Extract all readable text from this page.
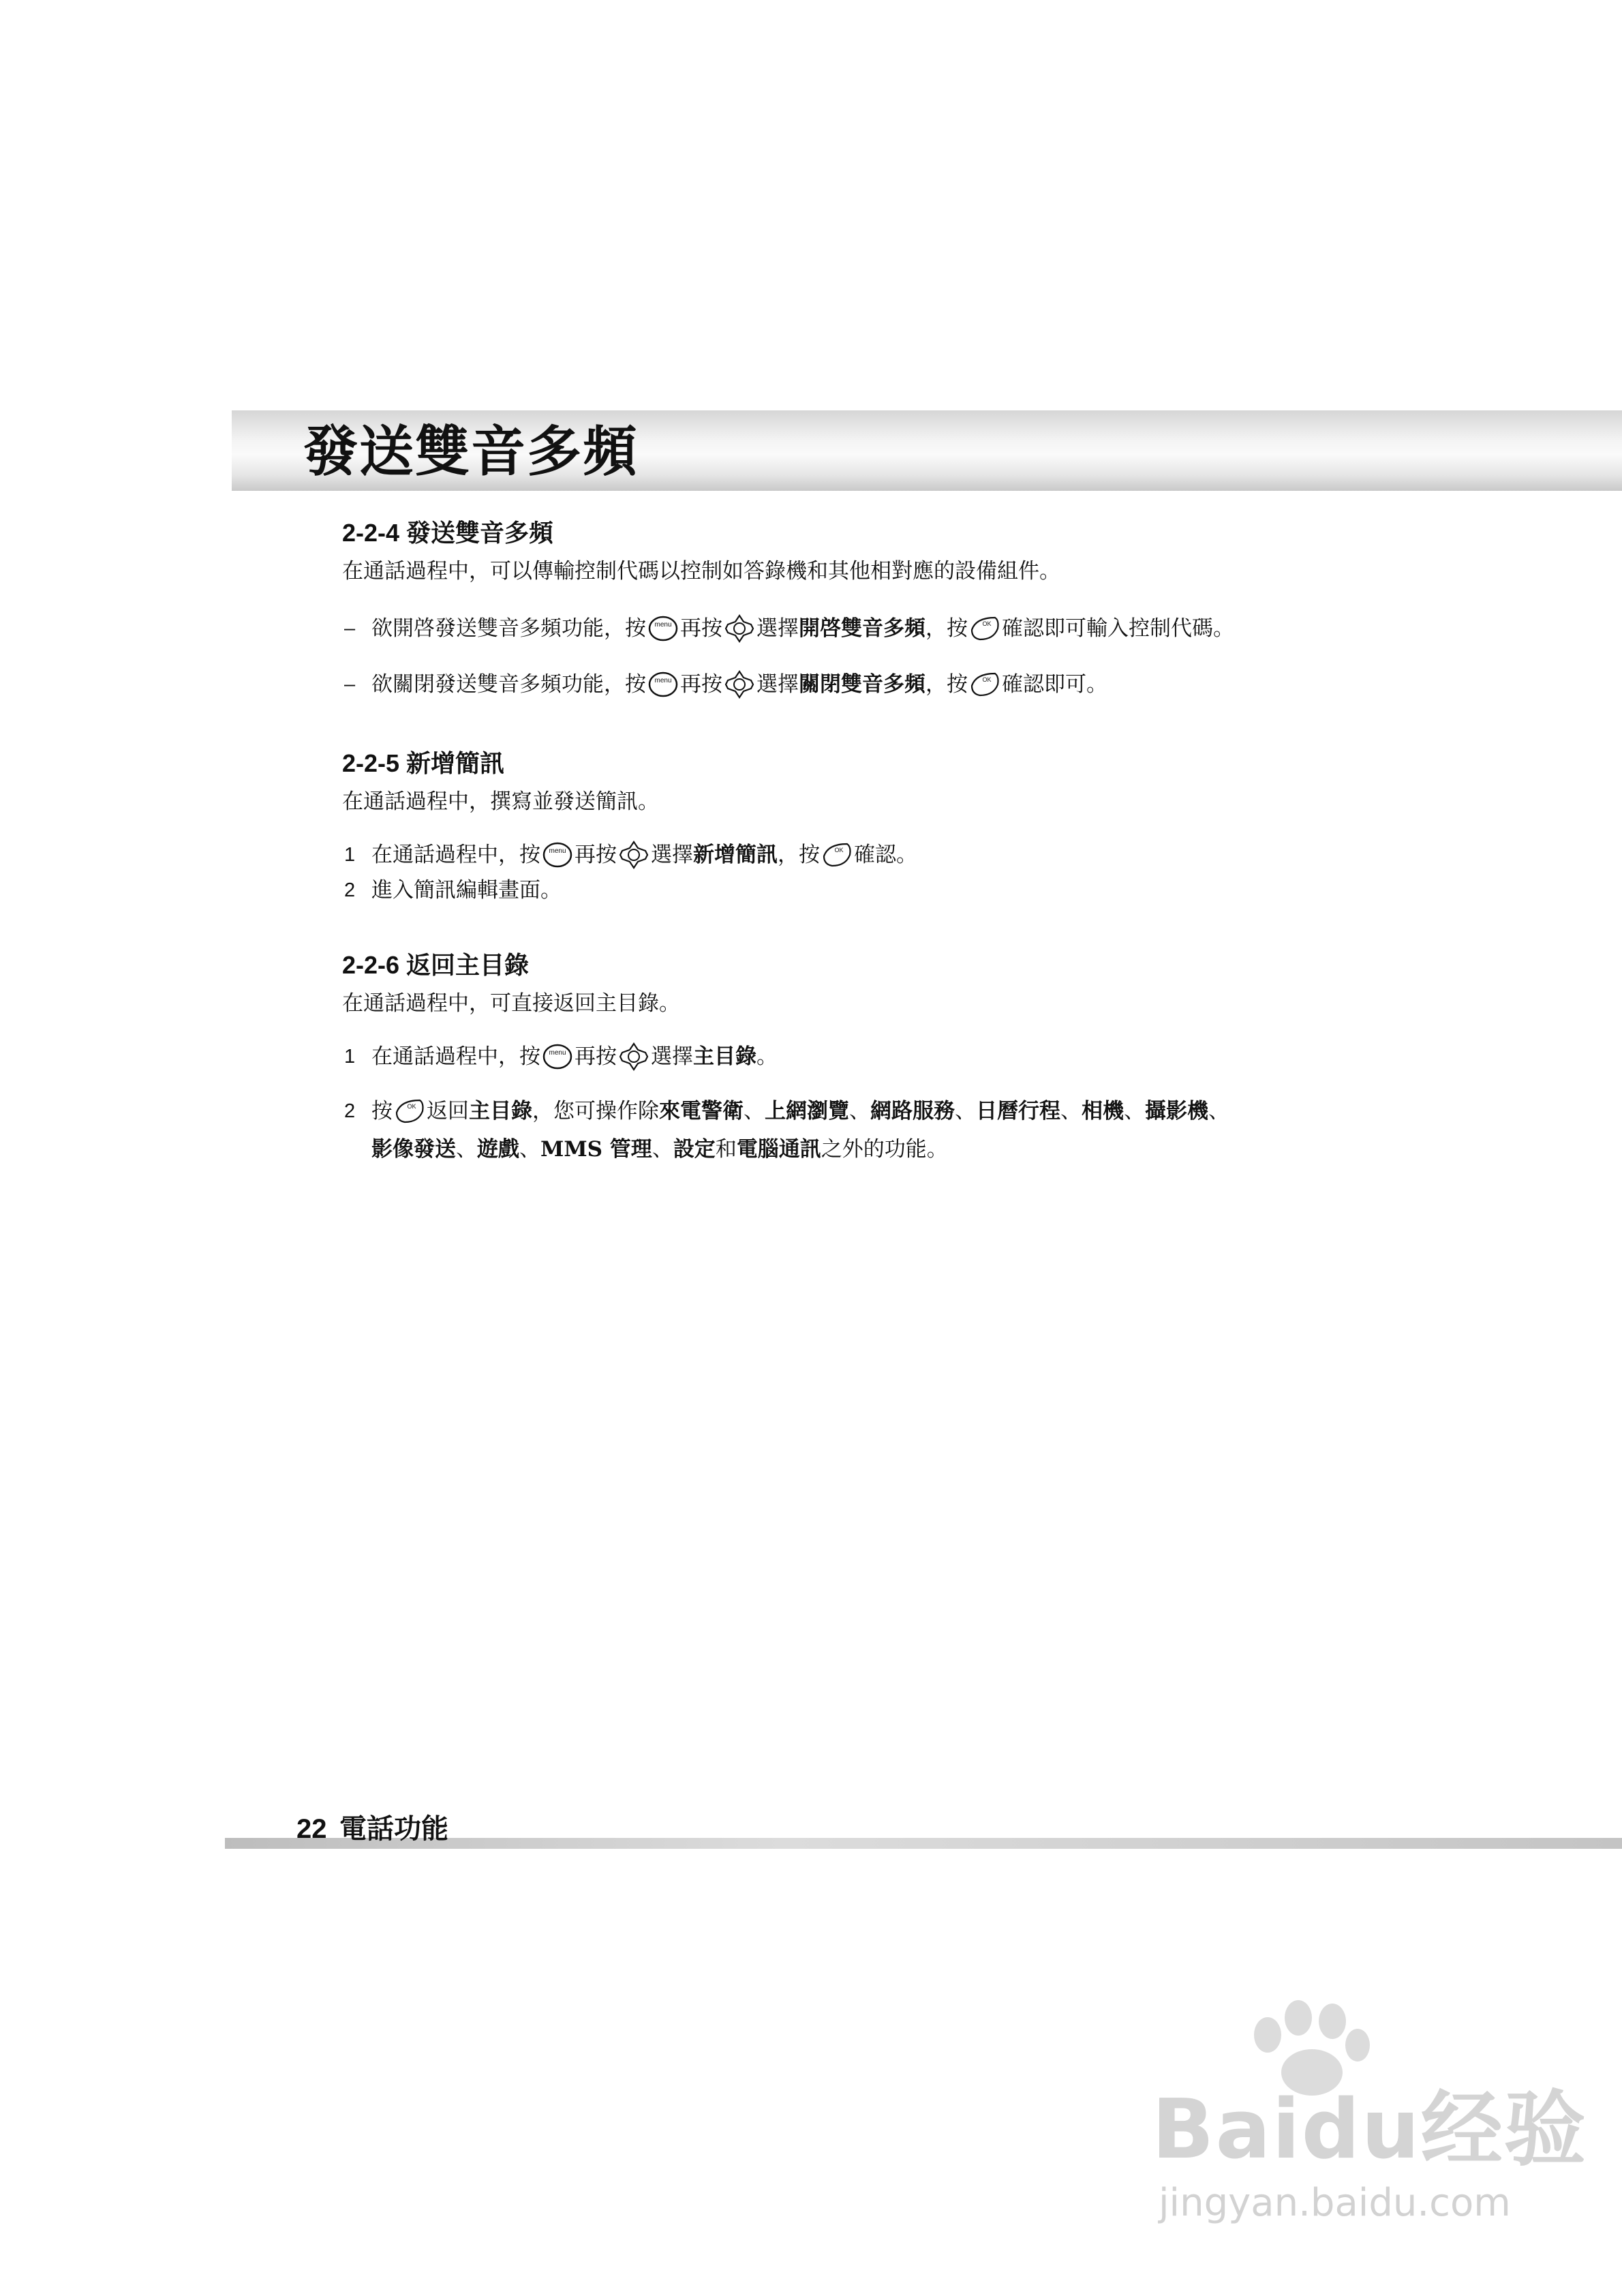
發送雙音多頻
2-2-4 發送雙音多頻
在通話過程中，可以傳輸控制代碼以控制如答錄機和其他相對應的設備組件。
– 欲開啓發送雙音多頻功能，按 menu 再按 選擇 開啓雙音多頻 ，按 OK 確認即可輸入控制代碼。
– 欲關閉發送雙音多頻功能，按 menu 再按 選擇 關閉雙音多頻 ，按 OK 確認即可。
2-2-5 新增簡訊
在通話過程中，撰寫並發送簡訊。
1 在通話過程中，按 menu 再按 選擇 新增簡訊 ，按 OK 確認。
2 進入簡訊編輯畫面。
2-2-6 返回主目錄
在通話過程中，可直接返回主目錄。
1 在通話過程中，按 menu 再按 選擇 主目錄 。
2 按 OK 返回 主目錄 ，您可操作除 來電警衛 、 上網瀏覽 、 網路服務 、 日曆行程 、 相機 、 攝影機 、
影像發送 、 遊戲 、 MMS 管理 、 設定 和 電腦通訊 之外的功能。
22 電話功能
Baidu经验
jingyan.baidu.com
